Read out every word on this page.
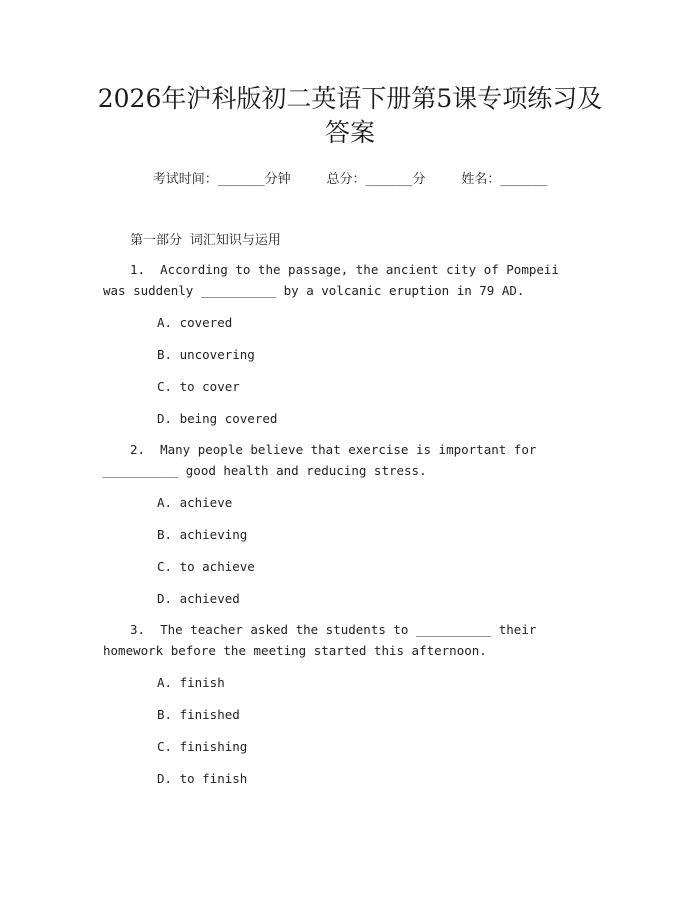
2026年沪科版初二英语下册第5课专项练习及答案
考试时间：______分钟	总分：______分	姓名：______
第一部分 词汇知识与运用
1.  According to the passage, the ancient city of Pompeii was suddenly __________ by a volcanic eruption in 79 AD.
A. covered
B. uncovering
C. to cover
D. being covered
2.  Many people believe that exercise is important for __________ good health and reducing stress.
A. achieve
B. achieving
C. to achieve
D. achieved
3.  The teacher asked the students to __________ their homework before the meeting started this afternoon.
A. finish
B. finished
C. finishing
D. to finish
